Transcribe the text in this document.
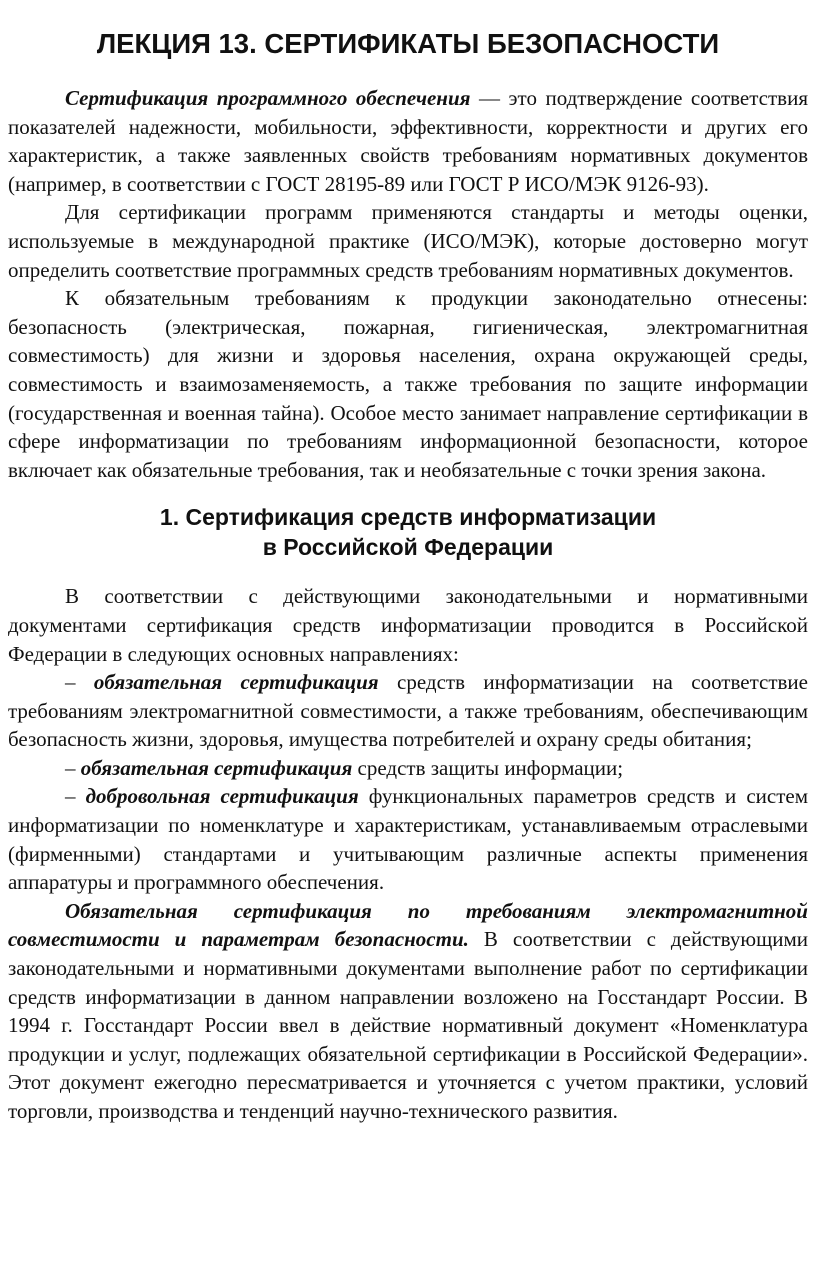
ЛЕКЦИЯ 13. СЕРТИФИКАТЫ БЕЗОПАСНОСТИ

Сертификация программного обеспечения — это подтверждение соответствия показателей надежности, мобильности, эффективности, корректности и других его характеристик, а также заявленных свойств требованиям нормативных документов (например, в соответствии с ГОСТ 28195-89 или ГОСТ Р ИСО/МЭК 9126-93).

Для сертификации программ применяются стандарты и методы оценки, используемые в международной практике (ИСО/МЭК), которые достоверно могут определить соответствие программных средств требованиям нормативных документов.

К обязательным требованиям к продукции законодательно отнесены: безопасность (электрическая, пожарная, гигиеническая, электромагнитная совместимость) для жизни и здоровья населения, охрана окружающей среды, совместимость и взаимозаменяемость, а также требования по защите информации (государственная и военная тайна). Особое место занимает направление сертификации в сфере информатизации по требованиям информационной безопасности, которое включает как обязательные требования, так и необязательные с точки зрения закона.

1. Сертификация средств информатизации
в Российской Федерации

В соответствии с действующими законодательными и нормативными документами сертификация средств информатизации проводится в Российской Федерации в следующих основных направлениях:

– обязательная сертификация средств информатизации на соответствие требованиям электромагнитной совместимости, а также требованиям, обеспечивающим безопасность жизни, здоровья, имущества потребителей и охрану среды обитания;

– обязательная сертификация средств защиты информации;

– добровольная сертификация функциональных параметров средств и систем информатизации по номенклатуре и характеристикам, устанавливаемым отраслевыми (фирменными) стандартами и учитывающим различные аспекты применения аппаратуры и программного обеспечения.

Обязательная сертификация по требованиям электромагнитной совместимости и параметрам безопасности. В соответствии с действующими законодательными и нормативными документами выполнение работ по сертификации средств информатизации в данном направлении возложено на Госстандарт России. В 1994 г. Госстандарт России ввел в действие нормативный документ «Номенклатура продукции и услуг, подлежащих обязательной сертификации в Российской Федерации». Этот документ ежегодно пересматривается и уточняется с учетом практики, условий торговли, производства и тенденций научно-технического развития.
